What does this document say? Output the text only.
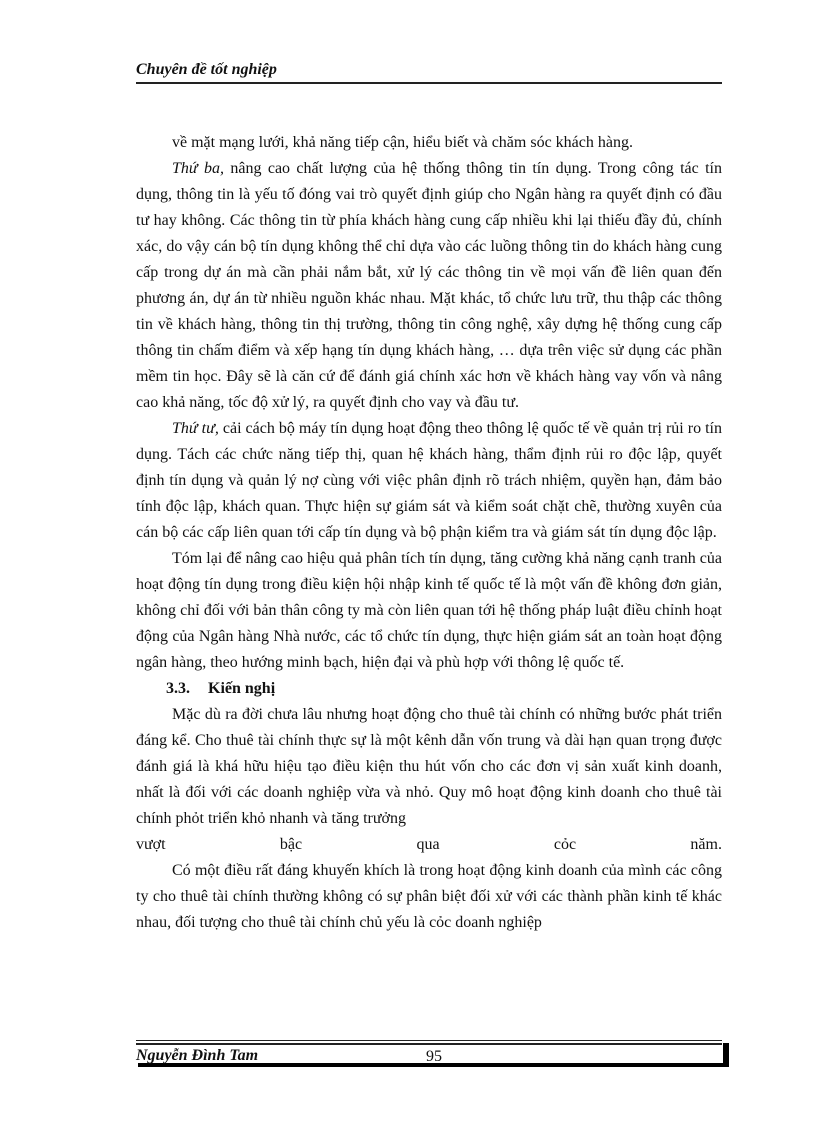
Chuyên đề tốt nghiệp

về mặt mạng lưới, khả năng tiếp cận, hiểu biết và chăm sóc khách hàng.

Thứ ba, nâng cao chất lượng của hệ thống thông tin tín dụng. Trong công tác tín dụng, thông tin là yếu tố đóng vai trò quyết định giúp cho Ngân hàng ra quyết định có đầu tư hay không. Các thông tin từ phía khách hàng cung cấp nhiều khi lại thiếu đầy đủ, chính xác, do vậy cán bộ tín dụng không thể chỉ dựa vào các luồng thông tin do khách hàng cung cấp trong dự án mà cần phải nắm bắt, xử lý các thông tin về mọi vấn đề liên quan đến phương án, dự án từ nhiều nguồn khác nhau. Mặt khác, tổ chức lưu trữ, thu thập các thông tin về khách hàng, thông tin thị trường, thông tin công nghệ, xây dựng hệ thống cung cấp thông tin chấm điểm và xếp hạng tín dụng khách hàng, … dựa trên việc sử dụng các phần mềm tin học. Đây sẽ là căn cứ để đánh giá chính xác hơn về khách hàng vay vốn và nâng cao khả năng, tốc độ xử lý, ra quyết định cho vay và đầu tư.

Thứ tư, cải cách bộ máy tín dụng hoạt động theo thông lệ quốc tế về quản trị rủi ro tín dụng. Tách các chức năng tiếp thị, quan hệ khách hàng, thẩm định rủi ro độc lập, quyết định tín dụng và quản lý nợ cùng với việc phân định rõ trách nhiệm, quyền hạn, đảm bảo tính độc lập, khách quan. Thực hiện sự giám sát và kiểm soát chặt chẽ, thường xuyên của cán bộ các cấp liên quan tới cấp tín dụng và bộ phận kiểm tra và giám sát tín dụng độc lập.

Tóm lại để nâng cao hiệu quả phân tích tín dụng, tăng cường khả năng cạnh tranh của hoạt động tín dụng trong điều kiện hội nhập kinh tế quốc tế là một vấn đề không đơn giản, không chỉ đối với bản thân công ty mà còn liên quan tới hệ thống pháp luật điều chỉnh hoạt động của Ngân hàng Nhà nước, các tổ chức tín dụng, thực hiện giám sát an toàn hoạt động ngân hàng, theo hướng minh bạch, hiện đại và phù hợp với thông lệ quốc tế.

3.3. Kiến nghị

Mặc dù ra đời chưa lâu nhưng hoạt động cho thuê tài chính có những bước phát triển đáng kể. Cho thuê tài chính thực sự là một kênh dẫn vốn trung và dài hạn quan trọng được đánh giá là khá hữu hiệu tạo điều kiện thu hút vốn cho các đơn vị sản xuất kinh doanh, nhất là đối với các doanh nghiệp vừa và nhỏ. Quy mô hoạt động kinh doanh cho thuê tài chính phỏt triển khỏ nhanh và tăng trưởng

vượt	bậc	qua	cỏc	năm.

Có một điều rất đáng khuyến khích là trong hoạt động kinh doanh của mình các công ty cho thuê tài chính thường không có sự phân biệt đối xử với các thành phần kinh tế khác nhau, đối tượng cho thuê tài chính chủ yếu là cỏc doanh nghiệp

Nguyễn Đình Tam	95
